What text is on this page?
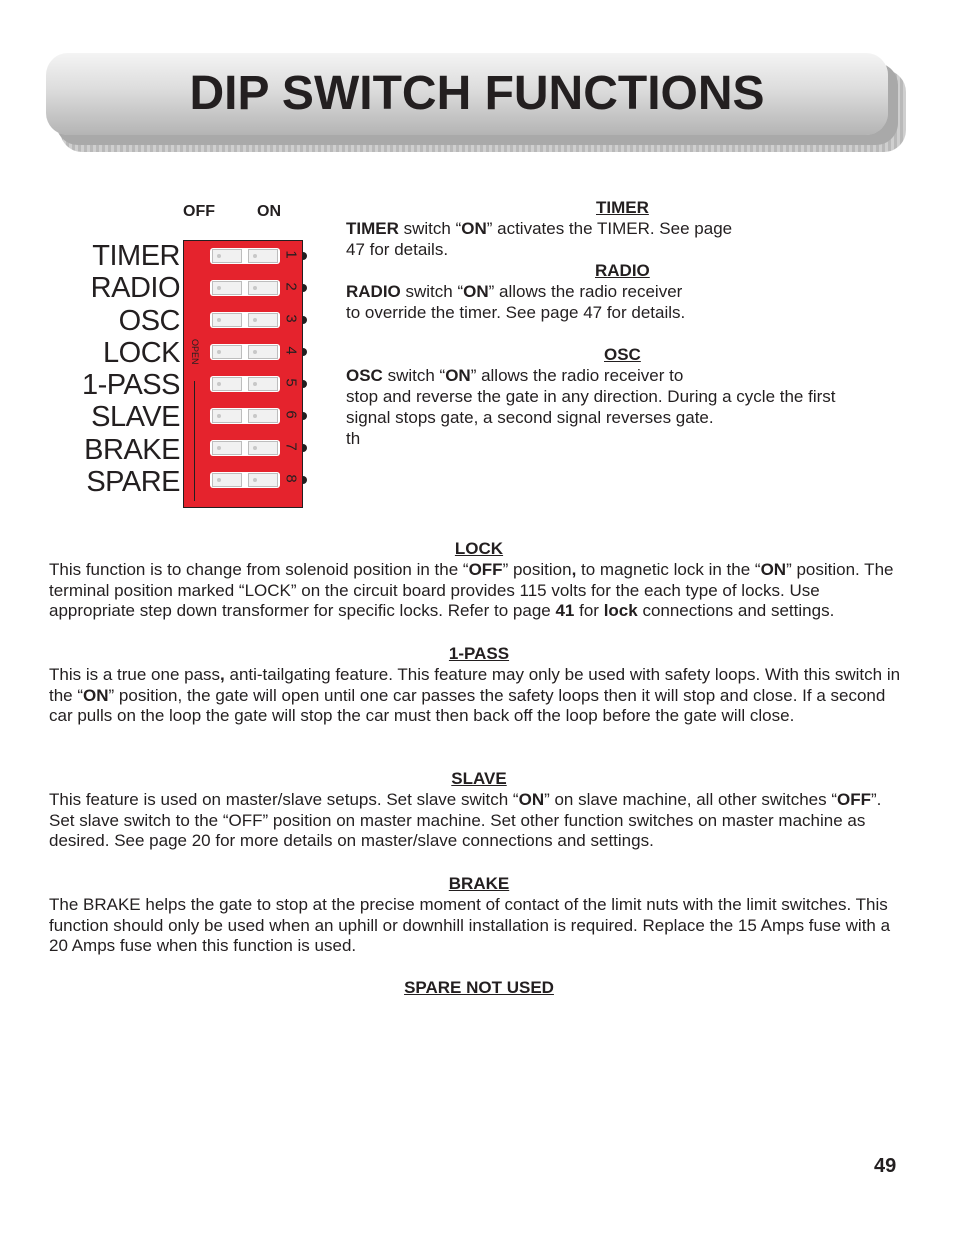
DIP SWITCH FUNCTIONS
OFF	ON
TIMER
RADIO
OSC
LOCK
1-PASS
SLAVE
BRAKE
SPARE
OPEN
1
2
3
4
5
6
7
8
TIMER
TIMER switch “ON” activates the TIMER. See page
47 for details.
RADIO
RADIO switch “ON” allows the radio receiver
to override the timer. See page 47 for details.
OSC
OSC switch “ON” allows the radio receiver to
stop and reverse the gate in any direction. During a cycle the first
signal stops gate, a second signal reverses gate.
th
LOCK
This function is to change from solenoid position in the “OFF” position, to magnetic lock in the “ON” position. The terminal position marked “LOCK” on the circuit board provides 115 volts for the each type of locks. Use appropriate step down transformer for specific locks. Refer to page 41 for lock connections and settings.
1-PASS
This is a true one pass, anti-tailgating feature. This feature may only be used with safety loops. With this switch in the “ON” position, the gate will open until one car passes the safety loops then it will stop and close. If a second car pulls on the loop the gate will stop the car must then back off the loop before the gate will close.
SLAVE
This feature is used on master/slave setups. Set slave switch “ON” on slave machine, all other switches “OFF”. Set slave switch to the “OFF” position on master machine. Set other function switches on master machine as desired. See page 20 for more details on master/slave connections and settings.
BRAKE
The BRAKE helps the gate to stop at the precise moment of contact of the limit nuts with the limit switches. This function should only be used when an uphill or downhill installation is required. Replace the 15 Amps fuse with a 20 Amps fuse when this function is used.
SPARE NOT USED
49
